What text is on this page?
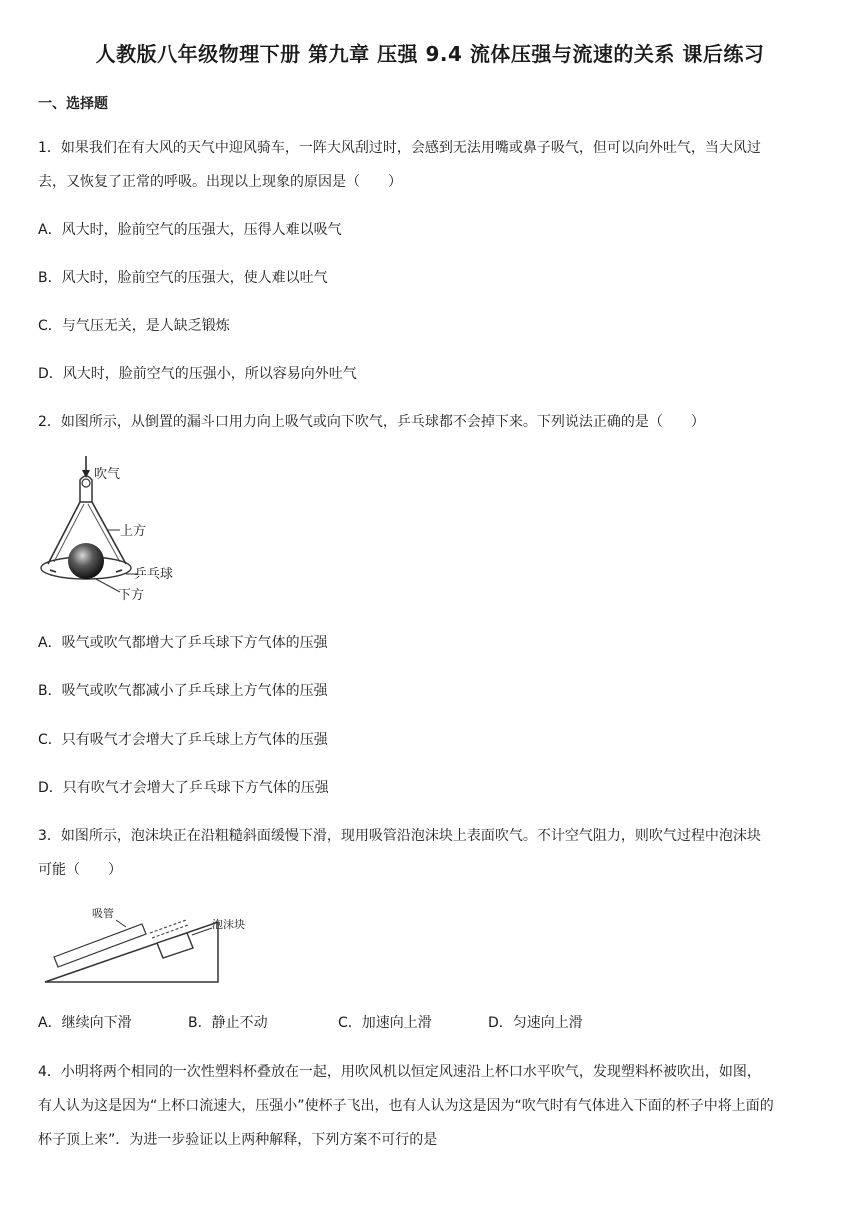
人教版八年级物理下册 第九章 压强 9.4 流体压强与流速的关系 课后练习
一、选择题
1．如果我们在有大风的天气中迎风骑车，一阵大风刮过时，会感到无法用嘴或鼻子吸气，但可以向外吐气，当大风过
去，又恢复了正常的呼吸。出现以上现象的原因是（　　）
A．风大时，脸前空气的压强大，压得人难以吸气
B．风大时，脸前空气的压强大，使人难以吐气
C．与气压无关，是人缺乏锻炼
D．风大时，脸前空气的压强小，所以容易向外吐气
2．如图所示，从倒置的漏斗口用力向上吸气或向下吹气，乒乓球都不会掉下来。下列说法正确的是（　　）
吹气
上方
乒乓球
下方
A．吸气或吹气都增大了乒乓球下方气体的压强
B．吸气或吹气都减小了乒乓球上方气体的压强
C．只有吸气才会增大了乒乓球上方气体的压强
D．只有吹气才会增大了乒乓球下方气体的压强
3．如图所示，泡沫块正在沿粗糙斜面缓慢下滑，现用吸管沿泡沫块上表面吹气。不计空气阻力，则吹气过程中泡沫块
可能（　　）
吸管
泡沫块
A．继续向下滑	B．静止不动	C．加速向上滑	D．匀速向上滑
4．小明将两个相同的一次性塑料杯叠放在一起，用吹风机以恒定风速沿上杯口水平吹气，发现塑料杯被吹出，如图，
有人认为这是因为“上杯口流速大，压强小”使杯子飞出，也有人认为这是因为“吹气时有气体进入下面的杯子中将上面的
杯子顶上来”．为进一步验证以上两种解释，下列方案不可行的是
